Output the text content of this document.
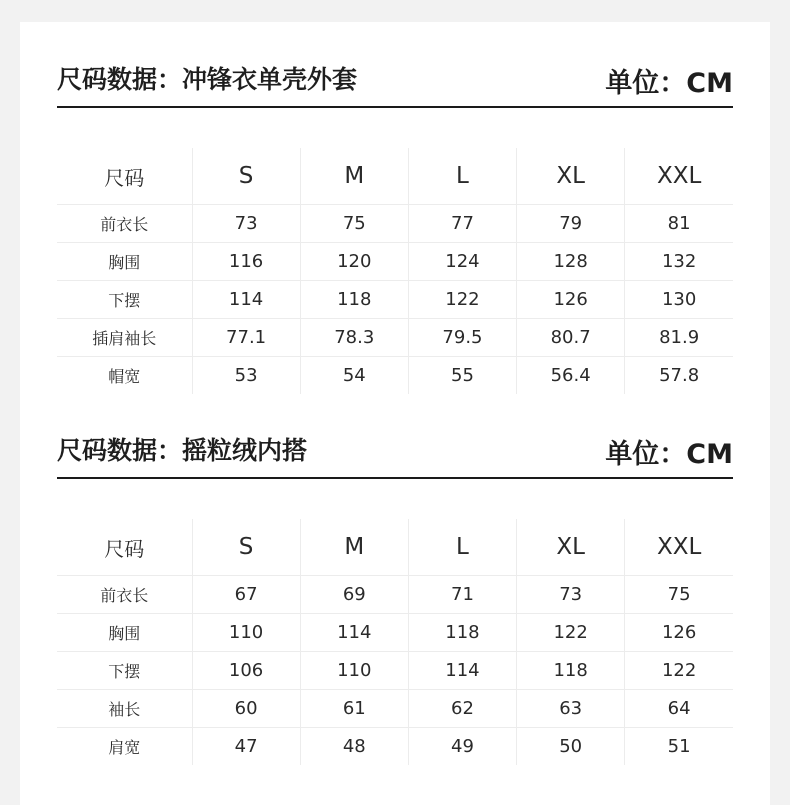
尺码数据：冲锋衣单壳外套	单位：CM
尺码	S	M	L	XL	XXL
前衣长	73	75	77	79	81
胸围	116	120	124	128	132
下摆	114	118	122	126	130
插肩袖长	77.1	78.3	79.5	80.7	81.9
帽宽	53	54	55	56.4	57.8
尺码数据：摇粒绒内搭	单位：CM
尺码	S	M	L	XL	XXL
前衣长	67	69	71	73	75
胸围	110	114	118	122	126
下摆	106	110	114	118	122
袖长	60	61	62	63	64
肩宽	47	48	49	50	51
